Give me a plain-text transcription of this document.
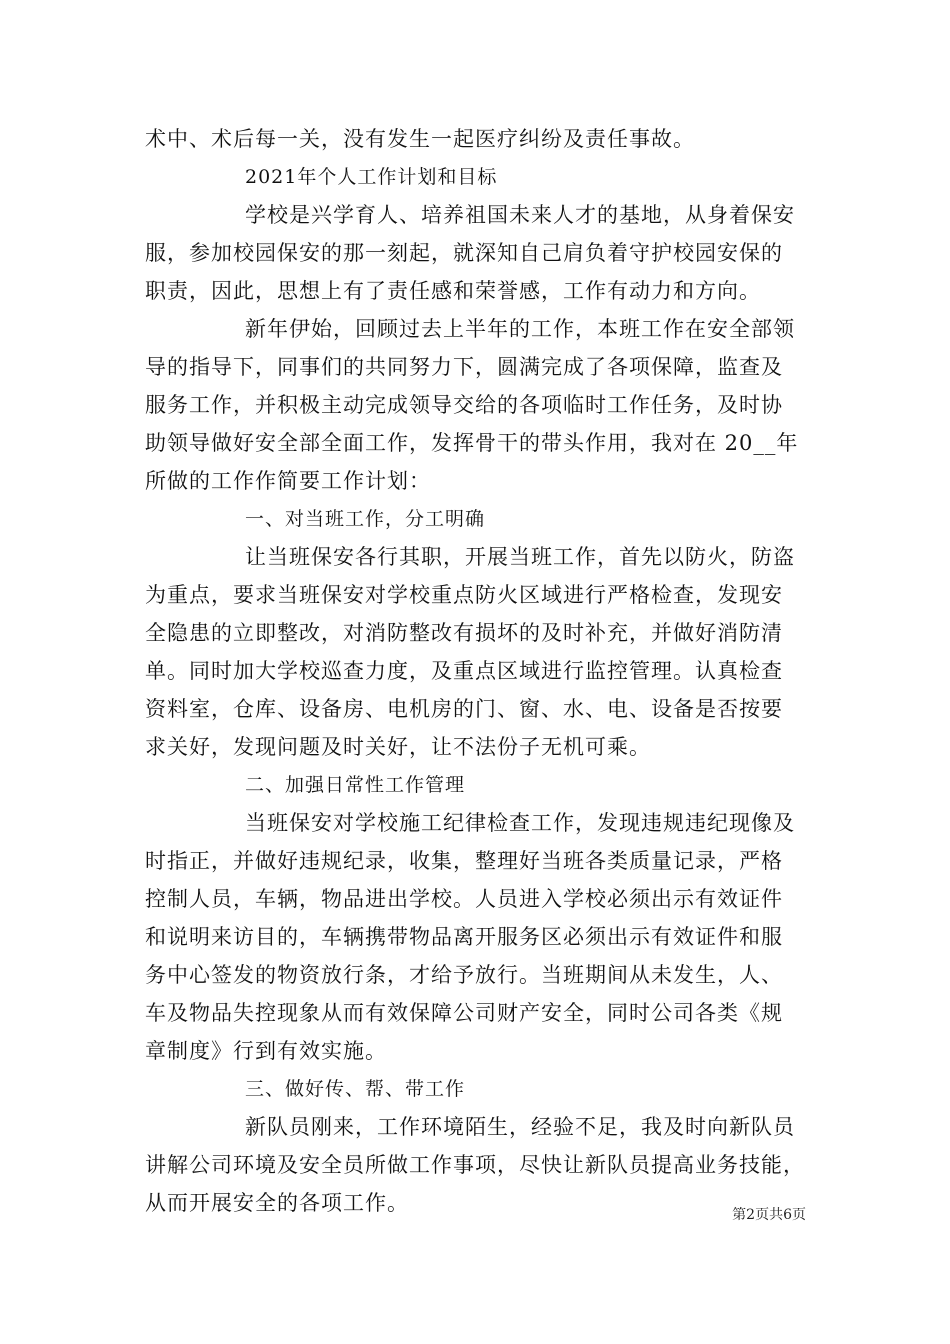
术中、术后每一关，没有发生一起医疗纠纷及责任事故。
2021年个人工作计划和目标
学校是兴学育人、培养祖国未来人才的基地，从身着保安
服，参加校园保安的那一刻起，就深知自己肩负着守护校园安保的
职责，因此，思想上有了责任感和荣誉感，工作有动力和方向。
新年伊始，回顾过去上半年的工作，本班工作在安全部领
导的指导下，同事们的共同努力下，圆满完成了各项保障，监查及
服务工作，并积极主动完成领导交给的各项临时工作任务，及时协
助领导做好安全部全面工作，发挥骨干的带头作用，我对在 20__年
所做的工作作简要工作计划：
一、对当班工作，分工明确
让当班保安各行其职，开展当班工作，首先以防火，防盗
为重点，要求当班保安对学校重点防火区域进行严格检查，发现安
全隐患的立即整改，对消防整改有损坏的及时补充，并做好消防清
单。同时加大学校巡查力度，及重点区域进行监控管理。认真检查
资料室，仓库、设备房、电机房的门、窗、水、电、设备是否按要
求关好，发现问题及时关好，让不法份子无机可乘。
二、加强日常性工作管理
当班保安对学校施工纪律检查工作，发现违规违纪现像及
时指正，并做好违规纪录，收集，整理好当班各类质量记录，严格
控制人员，车辆，物品进出学校。人员进入学校必须出示有效证件
和说明来访目的，车辆携带物品离开服务区必须出示有效证件和服
务中心签发的物资放行条，才给予放行。当班期间从未发生，人、
车及物品失控现象从而有效保障公司财产安全，同时公司各类《规
章制度》行到有效实施。
三、做好传、帮、带工作
新队员刚来，工作环境陌生，经验不足，我及时向新队员
讲解公司环境及安全员所做工作事项，尽快让新队员提高业务技能，
从而开展安全的各项工作。	第2页共6页
